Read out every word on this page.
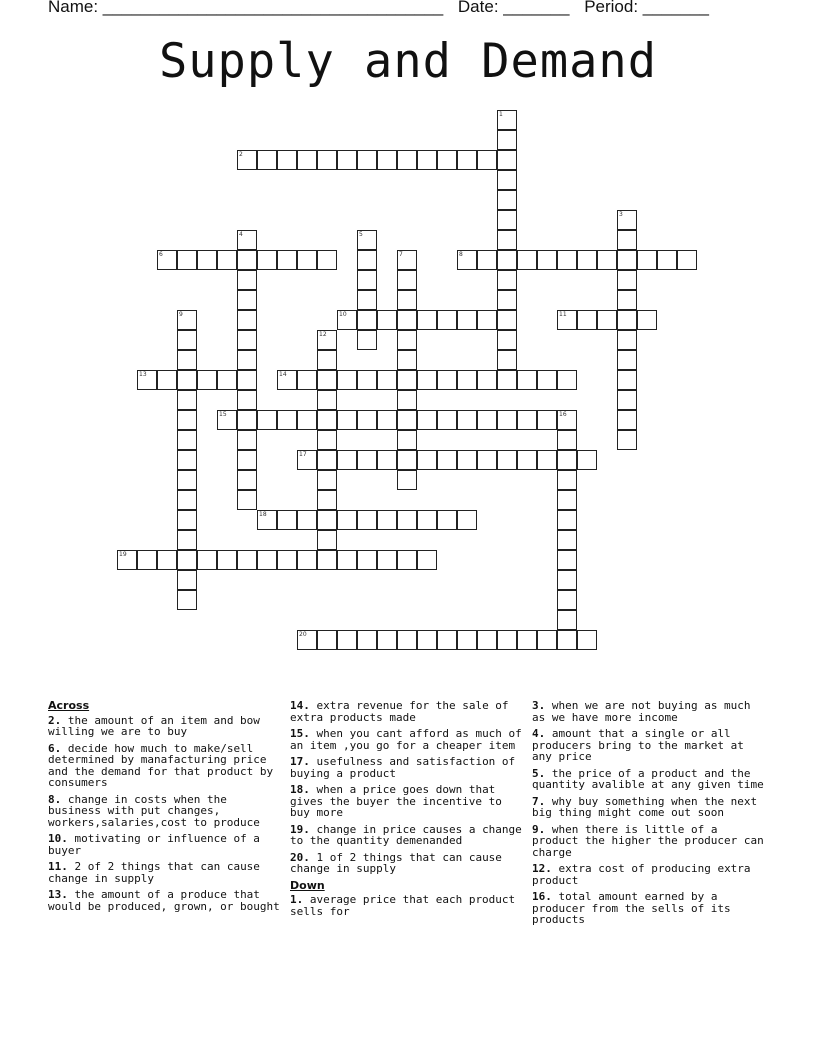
Name: ____________________________________ Date: _______ Period: _______
Supply and Demand
1
2
3
4	5
6	7	8
9	10	11
12
13	14
15	16
17
18
19
20
Across
2. the amount of an item and bow willing we are to buy
6. decide how much to make/sell determined by manafacturing price and the demand for that product by consumers
8. change in costs when the business with put changes, workers,salaries,cost to produce
10. motivating or influence of a buyer
11. 2 of 2 things that can cause change in supply
13. the amount of a produce that would be produced, grown, or bought
14. extra revenue for the sale of extra products made
15. when you cant afford as much of an item ,you go for a cheaper item
17. usefulness and satisfaction of buying a product
18. when a price goes down that gives the buyer the incentive to buy more
19. change in price causes a change to the quantity demenanded
20. 1 of 2 things that can cause change in supply
Down
1. average price that each product sells for
3. when we are not buying as much as we have more income
4. amount that a single or all producers bring to the market at any price
5. the price of a product and the quantity avalible at any given time
7. why buy something when the next big thing might come out soon
9. when there is little of a product the higher the producer can charge
12. extra cost of producing extra product
16. total amount earned by a producer from the sells of its products
